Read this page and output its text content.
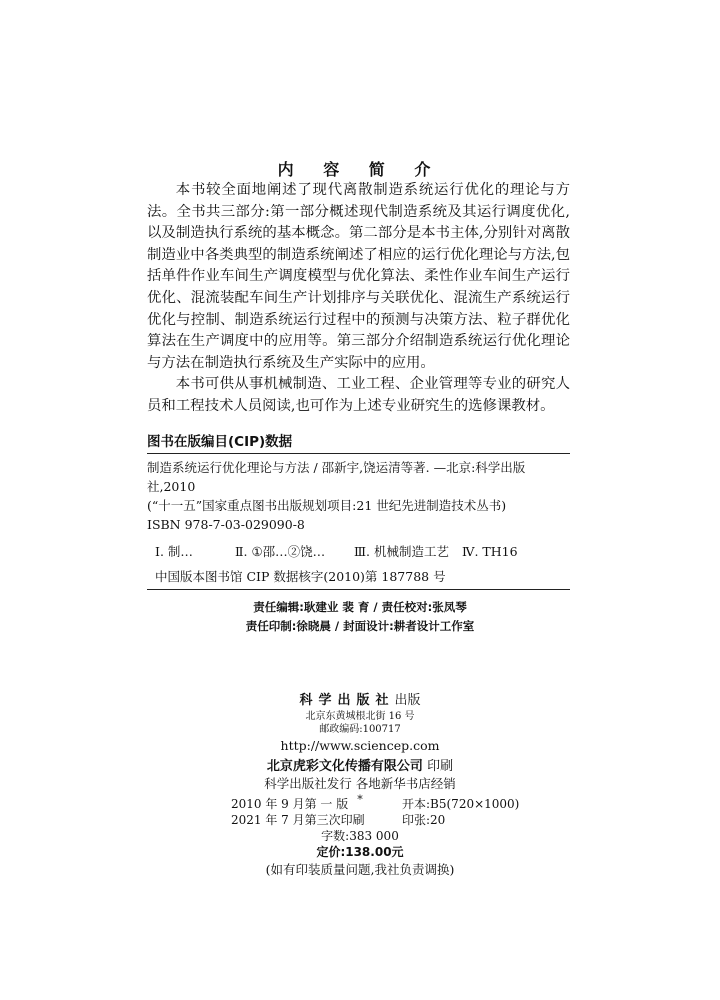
内 容 简 介

本书较全面地阐述了现代离散制造系统运行优化的理论与方法。全书共三部分:第一部分概述现代制造系统及其运行调度优化,以及制造执行系统的基本概念。第二部分是本书主体,分别针对离散制造业中各类典型的制造系统阐述了相应的运行优化理论与方法,包括单件作业车间生产调度模型与优化算法、柔性作业车间生产运行优化、混流装配车间生产计划排序与关联优化、混流生产系统运行优化与控制、制造系统运行过程中的预测与决策方法、粒子群优化算法在生产调度中的应用等。第三部分介绍制造系统运行优化理论与方法在制造执行系统及生产实际中的应用。

本书可供从事机械制造、工业工程、企业管理等专业的研究人员和工程技术人员阅读,也可作为上述专业研究生的选修课教材。

图书在版编目(CIP)数据
制造系统运行优化理论与方法 / 邵新宇,饶运清等著. —北京:科学出版
社,2010
(“十一五”国家重点图书出版规划项目:21 世纪先进制造技术丛书)
ISBN 978-7-03-029090-8
Ⅰ. 制…	Ⅱ. ①邵…②饶… Ⅲ. 机械制造工艺 Ⅳ. TH16
中国版本图书馆 CIP 数据核字(2010)第 187788 号
责任编辑:耿建业 裴 育 / 责任校对:张凤琴
责任印制:徐晓晨 / 封面设计:耕者设计工作室
科学出版社出版
北京东黄城根北街 16 号
邮政编码:100717
http://www.sciencep.com
北京虎彩文化传播有限公司 印刷
科学出版社发行 各地新华书店经销
*
2010 年 9 月第 一 版	开本:B5(720×1000)
2021 年 7 月第三次印刷	印张:20
字数:383 000
定价:138.00元
(如有印装质量问题,我社负责调换)
